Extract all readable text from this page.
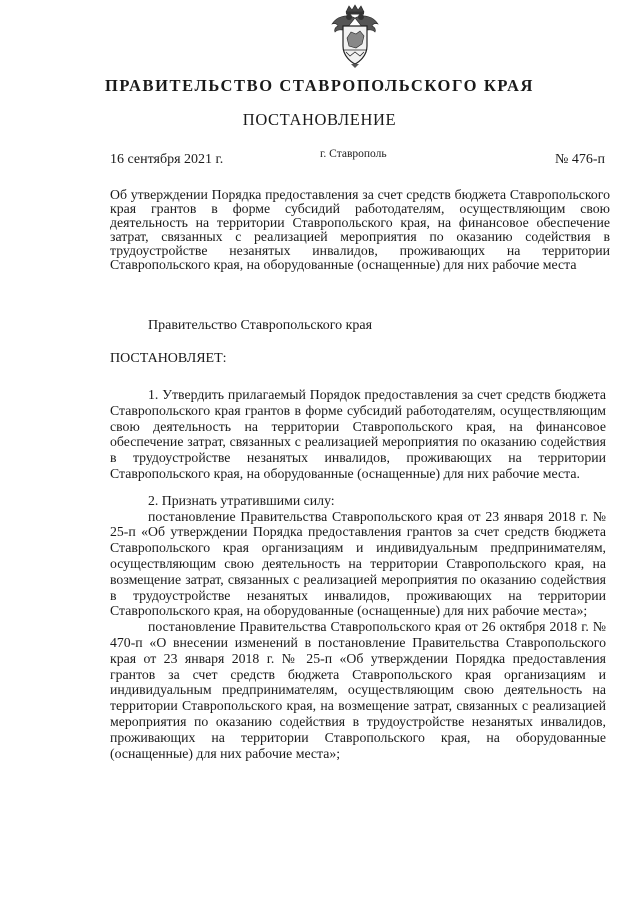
ПРАВИТЕЛЬСТВО СТАВРОПОЛЬСКОГО КРАЯ
ПОСТАНОВЛЕНИЕ
16 сентября 2021 г.	г. Ставрополь	№ 476-п
Об утверждении Порядка предоставления за счет средств бюджета Ставропольского края грантов в форме субсидий работодателям, осуществляющим свою деятельность на территории Ставропольского края, на финансовое обеспечение затрат, связанных с реализацией мероприятия по оказанию содействия в трудоустройстве незанятых инвалидов, проживающих на территории Ставропольского края, на оборудованные (оснащенные) для них рабочие места
Правительство Ставропольского края
ПОСТАНОВЛЯЕТ:

1. Утвердить прилагаемый Порядок предоставления за счет средств бюджета Ставропольского края грантов в форме субсидий работодателям, осуществляющим свою деятельность на территории Ставропольского края, на финансовое обеспечение затрат, связанных с реализацией мероприятия по оказанию содействия в трудоустройстве незанятых инвалидов, проживающих на территории Ставропольского края, на оборудованные (оснащенные) для них рабочие места.

2. Признать утратившими силу:

постановление Правительства Ставропольского края от 23 января 2018 г. № 25-п «Об утверждении Порядка предоставления грантов за счет средств бюджета Ставропольского края организациям и индивидуальным предпринимателям, осуществляющим свою деятельность на территории Ставропольского края, на возмещение затрат, связанных с реализацией мероприятия по оказанию содействия в трудоустройстве незанятых инвалидов, проживающих на территории Ставропольского края, на оборудованные (оснащенные) для них рабочие места»;

постановление Правительства Ставропольского края от 26 октября 2018 г. № 470-п «О внесении изменений в постановление Правительства Ставропольского края от 23 января 2018 г. № 25-п «Об утверждении Порядка предоставления грантов за счет средств бюджета Ставропольского края организациям и индивидуальным предпринимателям, осуществляющим свою деятельность на территории Ставропольского края, на возмещение затрат, связанных с реализацией мероприятия по оказанию содействия в трудоустройстве незанятых инвалидов, проживающих на территории Ставропольского края, на оборудованные (оснащенные) для них рабочие места»;
